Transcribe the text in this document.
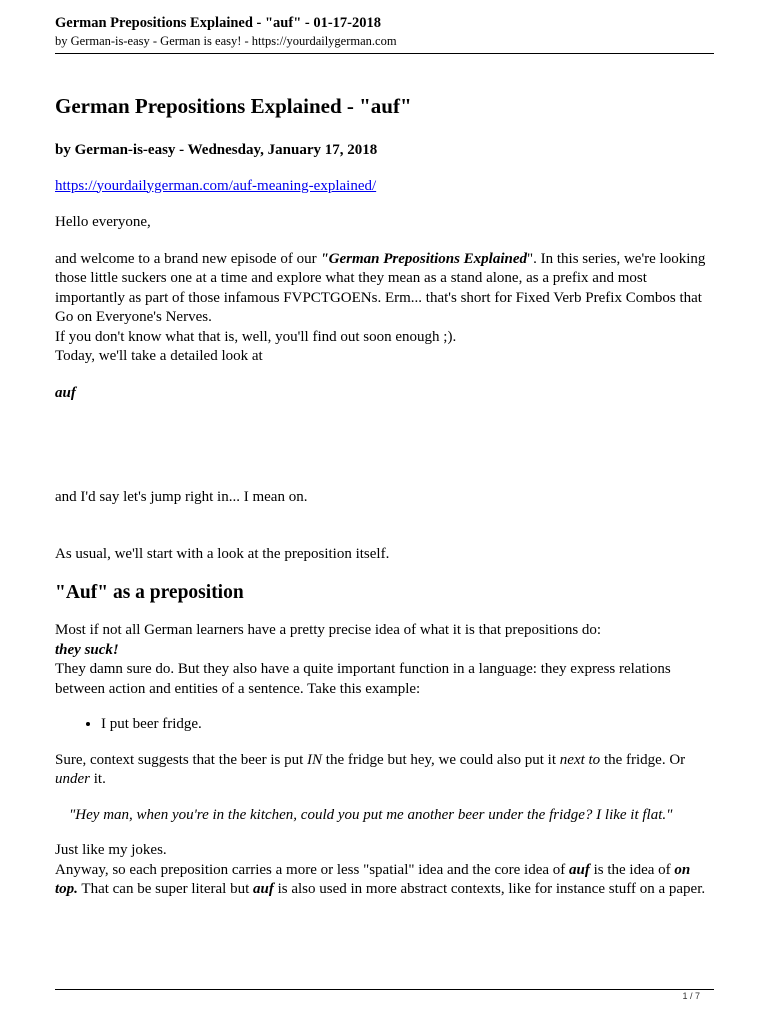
German Prepositions Explained - "auf" - 01-17-2018
by German-is-easy - German is easy! - https://yourdailygerman.com
German Prepositions Explained - "auf"

by German-is-easy - Wednesday, January 17, 2018

https://yourdailygerman.com/auf-meaning-explained/

Hello everyone,

and welcome to a brand new episode of our "German Prepositions Explained". In this series, we're looking those little suckers one at a time and explore what they mean as a stand alone, as a prefix and most importantly as part of those infamous FVPCTGOENs. Erm... that's short for Fixed Verb Prefix Combos that Go on Everyone's Nerves.
If you don't know what that is, well, you'll find out soon enough ;).
Today, we'll take a detailed look at

auf

and I'd say let's jump right in... I mean on.

As usual, we'll start with a look at the preposition itself.

"Auf" as a preposition

Most if not all German learners have a pretty precise idea of what it is that prepositions do:
they suck!
They damn sure do. But they also have a quite important function in a language: they express relations between action and entities of a sentence. Take this example:

• I put beer fridge.

Sure, context suggests that the beer is put IN the fridge but hey, we could also put it next to the fridge. Or under it.

"Hey man, when you're in the kitchen, could you put me another beer under the fridge? I like it flat."

Just like my jokes.
Anyway, so each preposition carries a more or less "spatial" idea and the core idea of auf is the idea of on top. That can be super literal but auf is also used in more abstract contexts, like for instance stuff on a paper.

1 / 7
